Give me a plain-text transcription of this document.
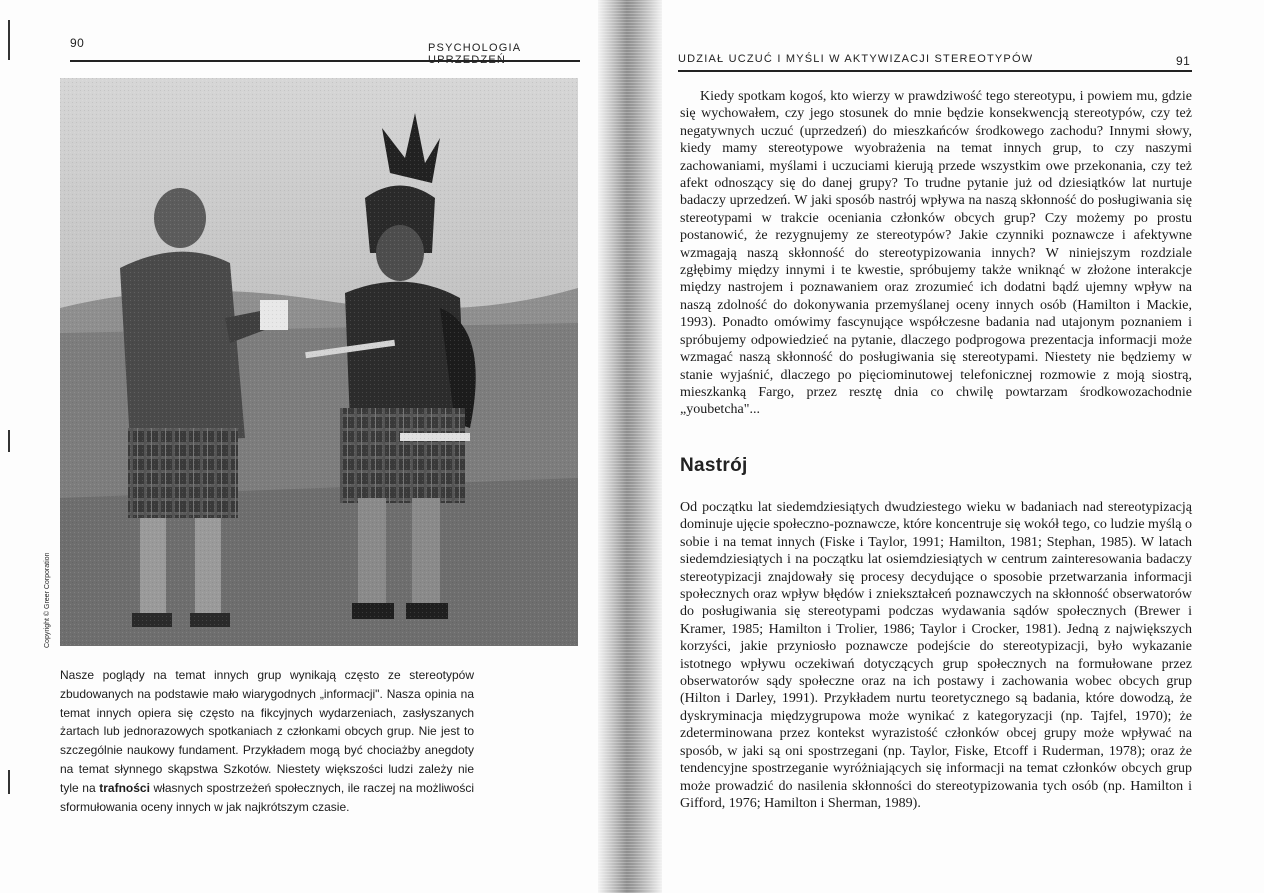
90	PSYCHOLOGIA
Copyright © Greer Corporation
Nasze poglądy na temat innych grup wynikają często ze stereotypów zbudowanych na podstawie mało wiarygodnych „informacji". Nasza opinia na temat innych opiera się często na fikcyjnych wydarzeniach, zasłyszanych żartach lub jednorazowych spotkaniach z członkami obcych grup. Nie jest to szczególnie naukowy fundament. Przykładem mogą być chociażby anegdoty na temat słynnego skąpstwa Szkotów. Niestety większości ludzi zależy nie tyle na trafności własnych spostrzeżeń społecznych, ile raczej na możliwości sformułowania oceny innych w jak najkrótszym czasie.
UDZIAŁ UCZUĆ I MYŚLI W AKTYWIZACJI STEREOTYPÓW	91
Kiedy spotkam kogoś, kto wierzy w prawdziwość tego stereotypu, i powiem mu, gdzie się wychowałem, czy jego stosunek do mnie będzie konsekwencją stereotypów, czy też negatywnych uczuć (uprzedzeń) do mieszkańców środkowego zachodu? Innymi słowy, kiedy mamy stereotypowe wyobrażenia na temat innych grup, to czy naszymi zachowaniami, myślami i uczuciami kierują przede wszystkim owe przekonania, czy też afekt odnoszący się do danej grupy? To trudne pytanie już od dziesiątków lat nurtuje badaczy uprzedzeń. W jaki sposób nastrój wpływa na naszą skłonność do posługiwania się stereotypami w trakcie oceniania członków obcych grup? Czy możemy po prostu postanowić, że rezygnujemy ze stereotypów? Jakie czynniki poznawcze i afektywne wzmagają naszą skłonność do stereotypizowania innych? W niniejszym rozdziale zgłębimy między innymi i te kwestie, spróbujemy także wniknąć w złożone interakcje między nastrojem i poznawaniem oraz zrozumieć ich dodatni bądź ujemny wpływ na naszą zdolność do dokonywania przemyślanej oceny innych osób (Hamilton i Mackie, 1993). Ponadto omówimy fascynujące współczesne badania nad utajonym poznaniem i spróbujemy odpowiedzieć na pytanie, dlaczego podprogowa prezentacja informacji może wzmagać naszą skłonność do posługiwania się stereotypami. Niestety nie będziemy w stanie wyjaśnić, dlaczego po pięciominutowej telefonicznej rozmowie z moją siostrą, mieszkanką Fargo, przez resztę dnia co chwilę powtarzam środkowozachodnie „youbetcha"...
Nastrój
Od początku lat siedemdziesiątych dwudziestego wieku w badaniach nad stereotypizacją dominuje ujęcie społeczno-poznawcze, które koncentruje się wokół tego, co ludzie myślą o sobie i na temat innych (Fiske i Taylor, 1991; Hamilton, 1981; Stephan, 1985). W latach siedemdziesiątych i na początku lat osiemdziesiątych w centrum zainteresowania badaczy stereotypizacji znajdowały się procesy decydujące o sposobie przetwarzania informacji społecznych oraz wpływ błędów i zniekształceń poznawczych na skłonność obserwatorów do posługiwania się stereotypami podczas wydawania sądów społecznych (Brewer i Kramer, 1985; Hamilton i Trolier, 1986; Taylor i Crocker, 1981). Jedną z największych korzyści, jakie przyniosło poznawcze podejście do stereotypizacji, było wykazanie istotnego wpływu oczekiwań dotyczących grup społecznych na formułowane przez obserwatorów sądy społeczne oraz na ich postawy i zachowania wobec obcych grup (Hilton i Darley, 1991). Przykładem nurtu teoretycznego są badania, które dowodzą, że dyskryminacja międzygrupowa może wynikać z kategoryzacji (np. Tajfel, 1970); że zdeterminowana przez kontekst wyrazistość członków obcej grupy może wpływać na sposób, w jaki są oni spostrzegani (np. Taylor, Fiske, Etcoff i Ruderman, 1978); oraz że tendencyjne spostrzeganie wyróżniających się informacji na temat członków obcych grup może prowadzić do nasilenia skłonności do stereotypizowania tych osób (np. Hamilton i Gifford, 1976; Hamilton i Sherman, 1989).
